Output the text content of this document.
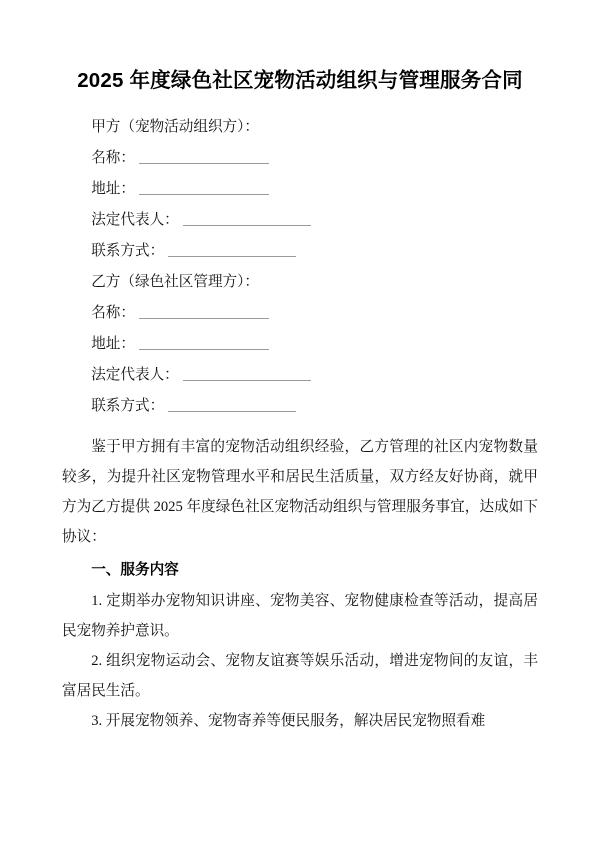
2025 年度绿色社区宠物活动组织与管理服务合同

甲方（宠物活动组织方）：

名称：

地址：

法定代表人：

联系方式：

乙方（绿色社区管理方）：

名称：

地址：

法定代表人：

联系方式：

鉴于甲方拥有丰富的宠物活动组织经验，乙方管理的社区内宠物数量较多，为提升社区宠物管理水平和居民生活质量，双方经友好协商，就甲方为乙方提供 2025 年度绿色社区宠物活动组织与管理服务事宜，达成如下协议：

一、服务内容

1. 定期举办宠物知识讲座、宠物美容、宠物健康检查等活动，提高居民宠物养护意识。

2. 组织宠物运动会、宠物友谊赛等娱乐活动，增进宠物间的友谊，丰富居民生活。

3. 开展宠物领养、宠物寄养等便民服务，解决居民宠物照看难
